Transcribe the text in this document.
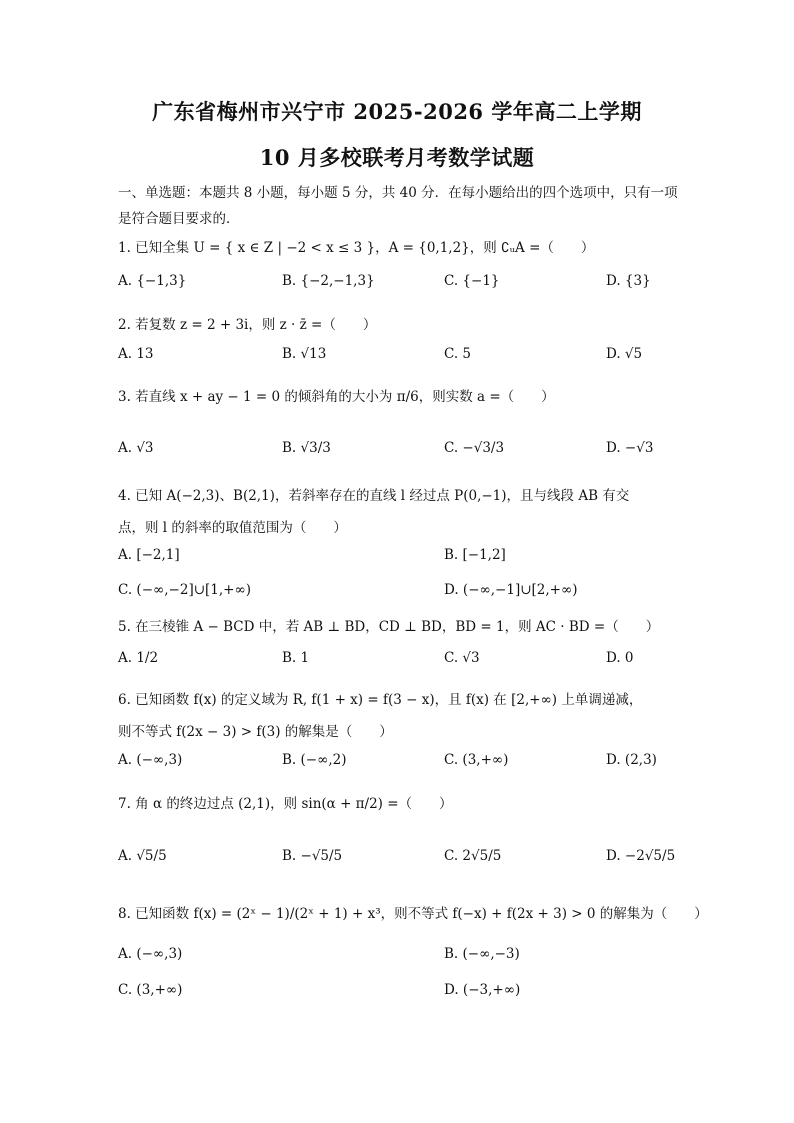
广东省梅州市兴宁市 2025-2026 学年高二上学期
10 月多校联考月考数学试题
一、单选题：本题共 8 小题，每小题 5 分，共 40 分．在每小题给出的四个选项中，只有一项是符合题目要求的．
1. 已知全集 U = { x ∈ Z | −2 < x ≤ 3 }，A = {0,1,2}，则 ∁ᵤA =（　　）
A. {−1,3}	B. {−2,−1,3}	C. {−1}	D. {3}
2. 若复数 z = 2 + 3i，则 z · z̄ =（　　）
A. 13	B. √13	C. 5	D. √5
3. 若直线 x + ay − 1 = 0 的倾斜角的大小为 π/6，则实数 a =（　　）
A. √3	B. √3/3	C. −√3/3	D. −√3
4. 已知 A(−2,3)、B(2,1)，若斜率存在的直线 l 经过点 P(0,−1)，且与线段 AB 有交
点，则 l 的斜率的取值范围为（　　）
A. [−2,1]	B. [−1,2]
C. (−∞,−2]∪[1,+∞)	D. (−∞,−1]∪[2,+∞)
5. 在三棱锥 A − BCD 中，若 AB ⊥ BD，CD ⊥ BD，BD = 1，则 AC · BD =（　　）
A. 1/2	B. 1	C. √3	D. 0
6. 已知函数 f(x) 的定义域为 R, f(1 + x) = f(3 − x)，且 f(x) 在 [2,+∞) 上单调递减，
则不等式 f(2x − 3) > f(3) 的解集是（　　）
A. (−∞,3)	B. (−∞,2)	C. (3,+∞)	D. (2,3)
7. 角 α 的终边过点 (2,1)，则 sin(α + π/2) =（　　）
A. √5/5	B. −√5/5	C. 2√5/5	D. −2√5/5
8. 已知函数 f(x) = (2ˣ − 1)/(2ˣ + 1) + x³，则不等式 f(−x) + f(2x + 3) > 0 的解集为（　　）
A. (−∞,3)	B. (−∞,−3)
C. (3,+∞)	D. (−3,+∞)
